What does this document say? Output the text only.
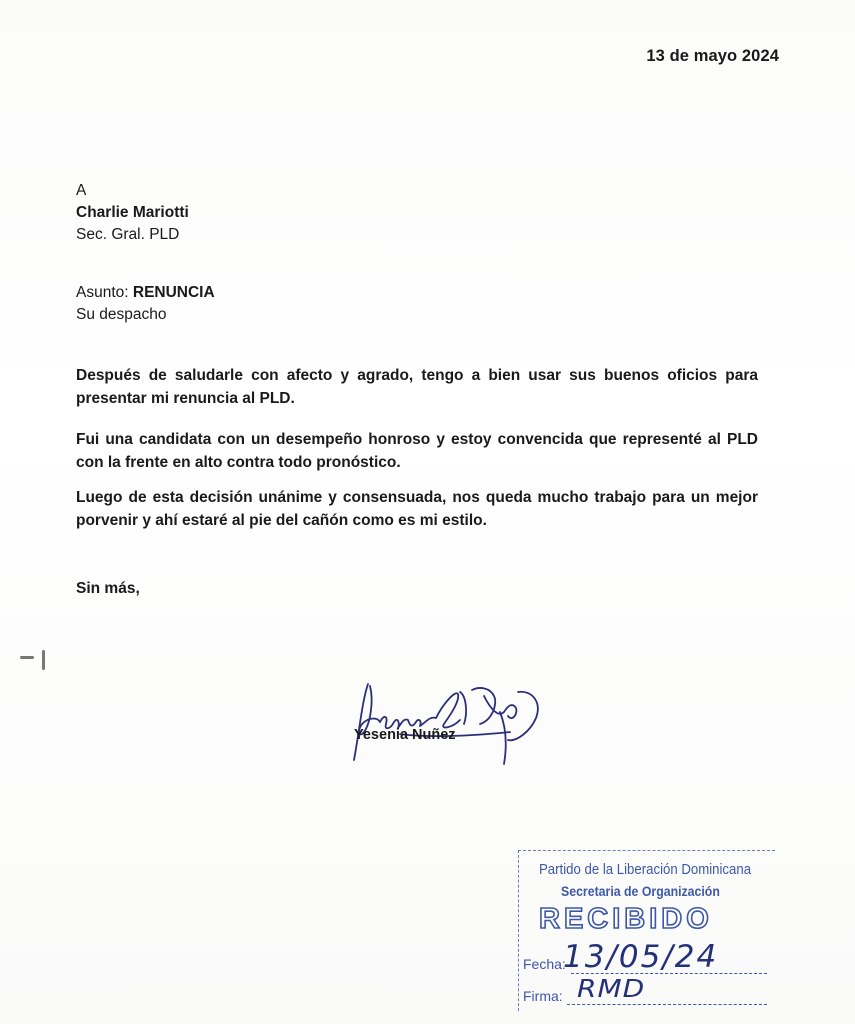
13 de mayo 2024
A
Charlie Mariotti
Sec. Gral. PLD
Asunto: RENUNCIA
Su despacho
Después de saludarle con afecto y agrado, tengo a bien usar sus buenos oficios para presentar mi renuncia al PLD.
Fui una candidata con un desempeño honroso y estoy convencida que representé al PLD con la frente en alto contra todo pronóstico.
Luego de esta decisión unánime y consensuada, nos queda mucho trabajo para un mejor porvenir y ahí estaré al pie del cañón como es mi estilo.
Sin más,
Yesenia Nuñez
Partido de la Liberación Dominicana
Secretaria de Organización
RECIBIDO
Fecha:
13/05/24
Firma: RMD
